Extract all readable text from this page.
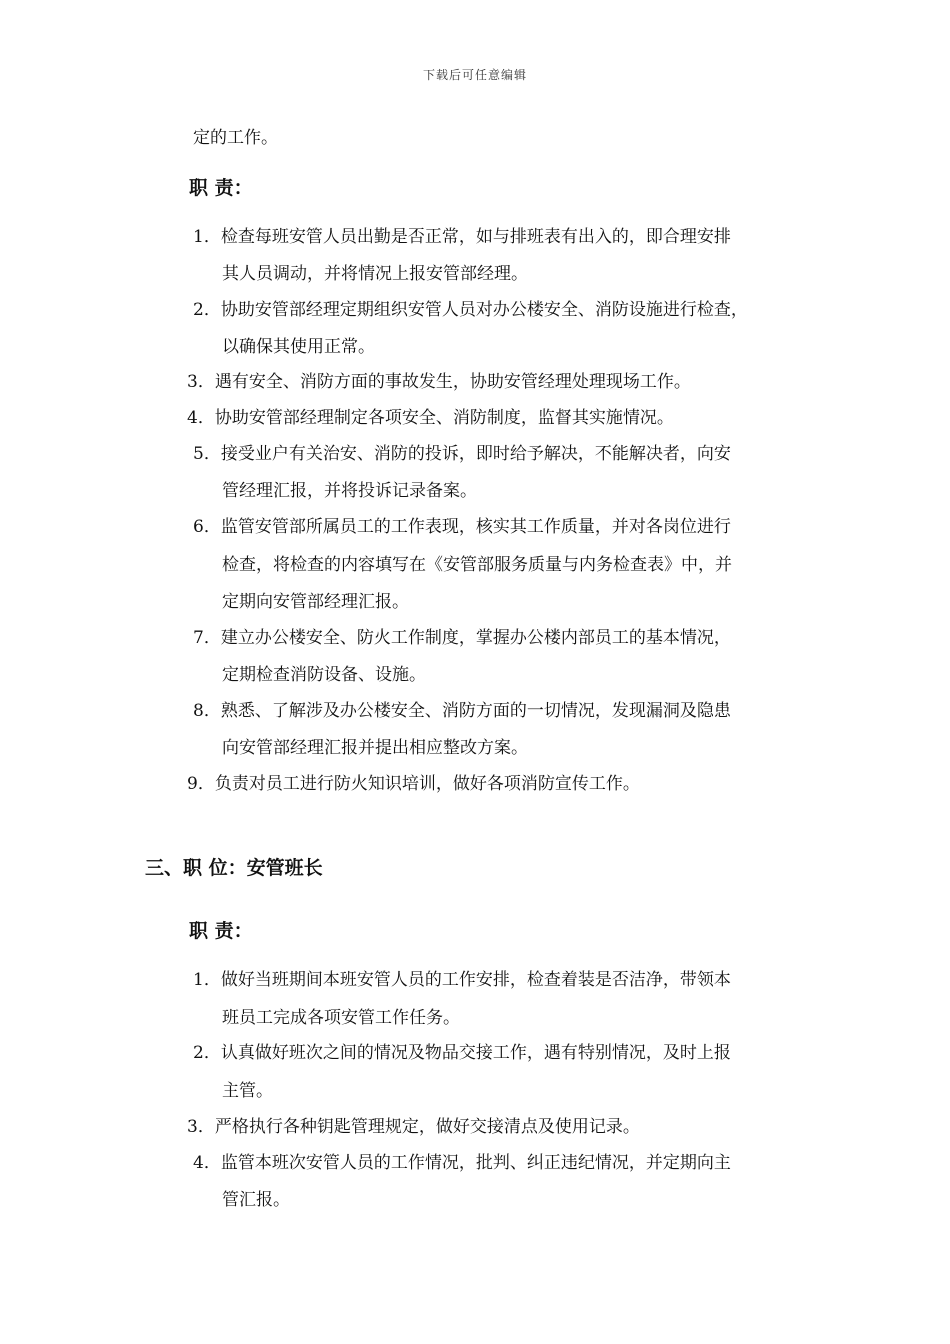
下载后可任意编辑
定的工作。
职 责：
1．检查每班安管人员出勤是否正常，如与排班表有出入的，即合理安排
其人员调动，并将情况上报安管部经理。
2．协助安管部经理定期组织安管人员对办公楼安全、消防设施进行检查，
以确保其使用正常。
3．遇有安全、消防方面的事故发生，协助安管经理处理现场工作。
4．协助安管部经理制定各项安全、消防制度，监督其实施情况。
5．接受业户有关治安、消防的投诉，即时给予解决，不能解决者，向安
管经理汇报，并将投诉记录备案。
6．监管安管部所属员工的工作表现，核实其工作质量，并对各岗位进行
检查，将检查的内容填写在《安管部服务质量与内务检查表》中，并
定期向安管部经理汇报。
7．建立办公楼安全、防火工作制度，掌握办公楼内部员工的基本情况，
定期检查消防设备、设施。
8．熟悉、了解涉及办公楼安全、消防方面的一切情况，发现漏洞及隐患
向安管部经理汇报并提出相应整改方案。
9．负责对员工进行防火知识培训，做好各项消防宣传工作。
三、职 位：安管班长
职 责：
1．做好当班期间本班安管人员的工作安排，检查着装是否洁净，带领本
班员工完成各项安管工作任务。
2．认真做好班次之间的情况及物品交接工作，遇有特别情况，及时上报
主管。
3．严格执行各种钥匙管理规定，做好交接清点及使用记录。
4．监管本班次安管人员的工作情况，批判、纠正违纪情况，并定期向主
管汇报。
